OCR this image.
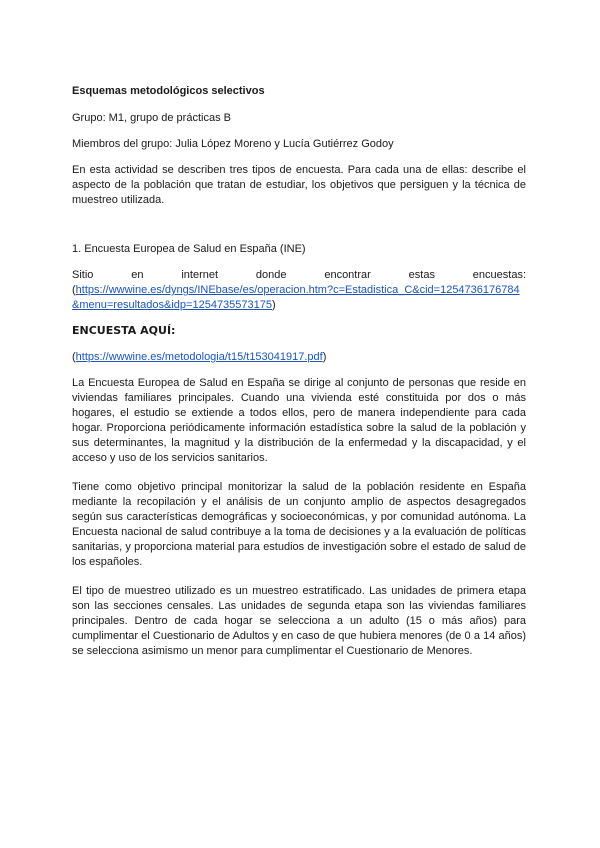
Esquemas metodológicos selectivos

Grupo: M1, grupo de prácticas B

Miembros del grupo: Julia López Moreno y Lucía Gutiérrez Godoy

En esta actividad se describen tres tipos de encuesta. Para cada una de ellas: describe el aspecto de la población que tratan de estudiar, los objetivos que persiguen y la técnica de muestreo utilizada.

1. Encuesta Europea de Salud en España (INE)

Sitio	en	internet	donde	encontrar	estas	encuestas:
(https://wwwine.es/dyngs/INEbase/es/operacion.htm?c=Estadistica_C&cid=1254736176784&menu=resultados&idp=1254735573175)

ENCUESTA AQUÍ:

(https://wwwine.es/metodologia/t15/t153041917.pdf)

La Encuesta Europea de Salud en España se dirige al conjunto de personas que reside en viviendas familiares principales. Cuando una vivienda esté constituida por dos o más hogares, el estudio se extiende a todos ellos, pero de manera independiente para cada hogar. Proporciona periódicamente información estadística sobre la salud de la población y sus determinantes, la magnitud y la distribución de la enfermedad y la discapacidad, y el acceso y uso de los servicios sanitarios.

Tiene como objetivo principal monitorizar la salud de la población residente en España mediante la recopilación y el análisis de un conjunto amplio de aspectos desagregados según sus características demográficas y socioeconómicas, y por comunidad autónoma. La Encuesta nacional de salud contribuye a la toma de decisiones y a la evaluación de políticas sanitarias, y proporciona material para estudios de investigación sobre el estado de salud de los españoles.

El tipo de muestreo utilizado es un muestreo estratificado. Las unidades de primera etapa son las secciones censales. Las unidades de segunda etapa son las viviendas familiares principales. Dentro de cada hogar se selecciona a un adulto (15 o más años) para cumplimentar el Cuestionario de Adultos y en caso de que hubiera menores (de 0 a 14 años) se selecciona asimismo un menor para cumplimentar el Cuestionario de Menores.
